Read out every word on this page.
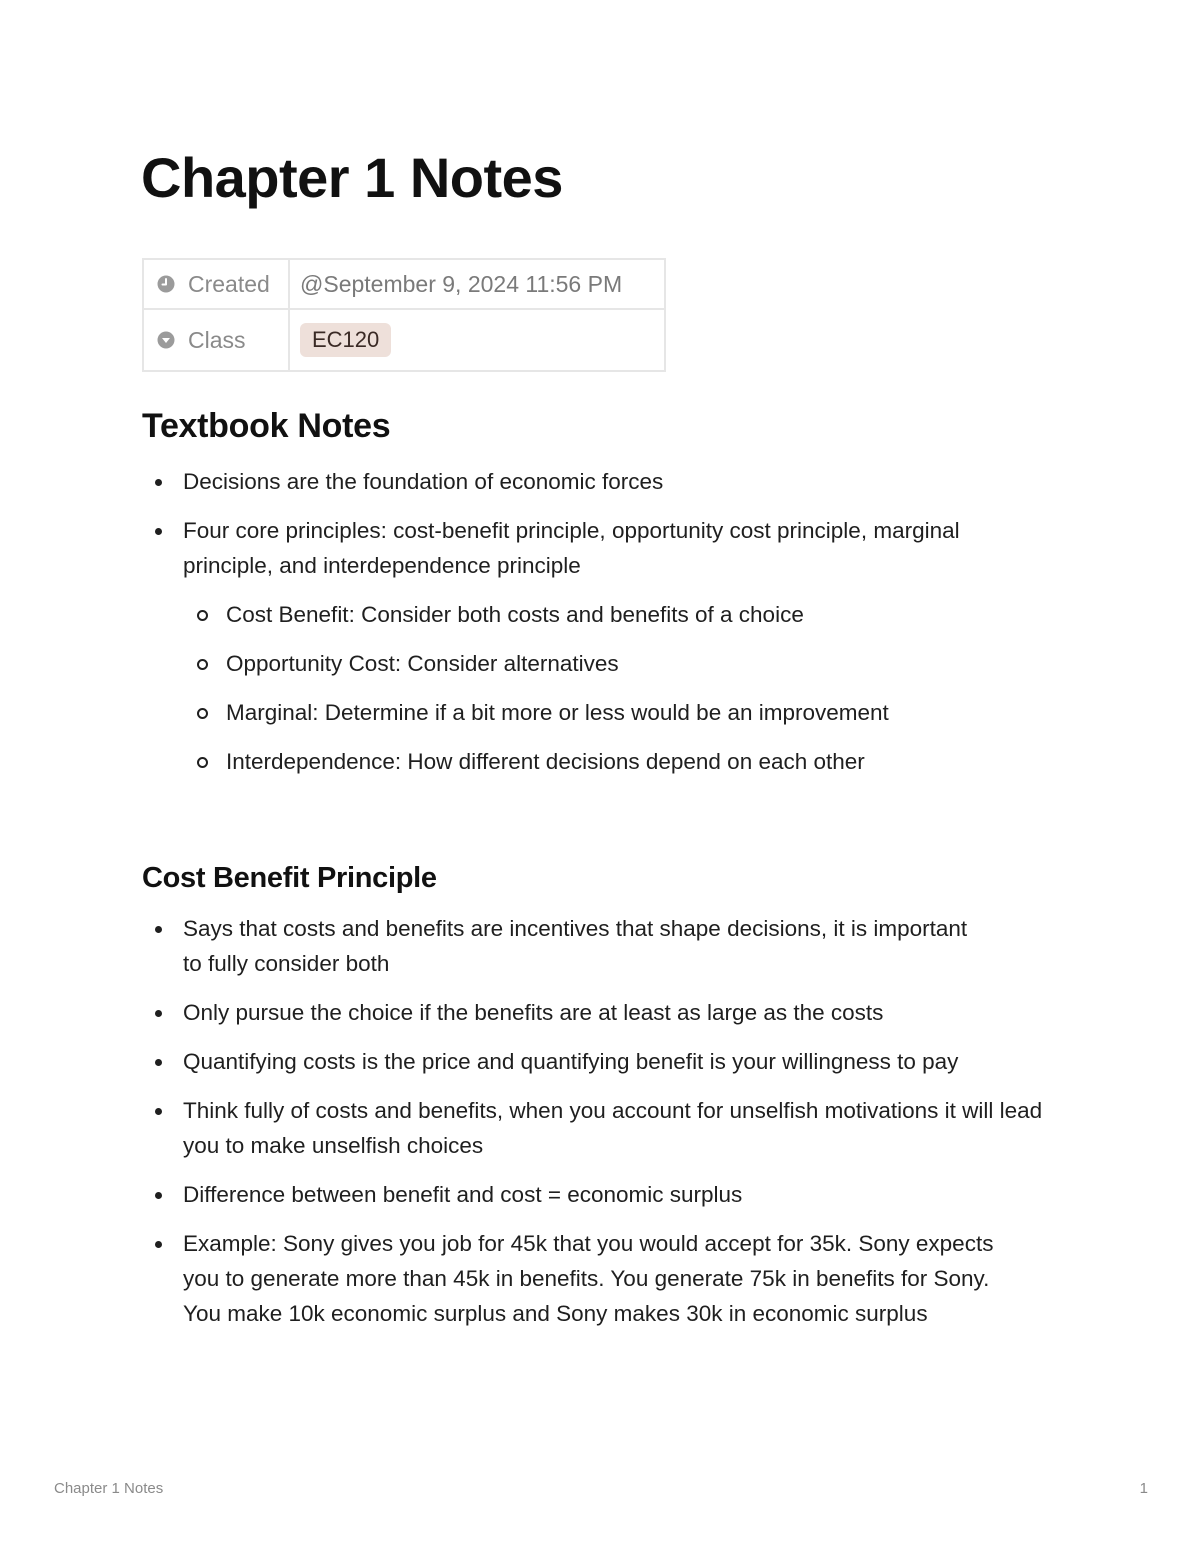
Chapter 1 Notes
Created	@September 9, 2024 11:56 PM

Class	EC120
Textbook Notes
Decisions are the foundation of economic forces
Four core principles: cost-benefit principle, opportunity cost principle, marginal principle, and interdependence principle
Cost Benefit: Consider both costs and benefits of a choice
Opportunity Cost: Consider alternatives
Marginal: Determine if a bit more or less would be an improvement
Interdependence: How different decisions depend on each other
Cost Benefit Principle
Says that costs and benefits are incentives that shape decisions, it is important to fully consider both
Only pursue the choice if the benefits are at least as large as the costs
Quantifying costs is the price and quantifying benefit is your willingness to pay
Think fully of costs and benefits, when you account for unselfish motivations it will lead you to make unselfish choices
Difference between benefit and cost = economic surplus
Example: Sony gives you job for 45k that you would accept for 35k. Sony expects you to generate more than 45k in benefits. You generate 75k in benefits for Sony. You make 10k economic surplus and Sony makes 30k in economic surplus
Chapter 1 Notes	1
